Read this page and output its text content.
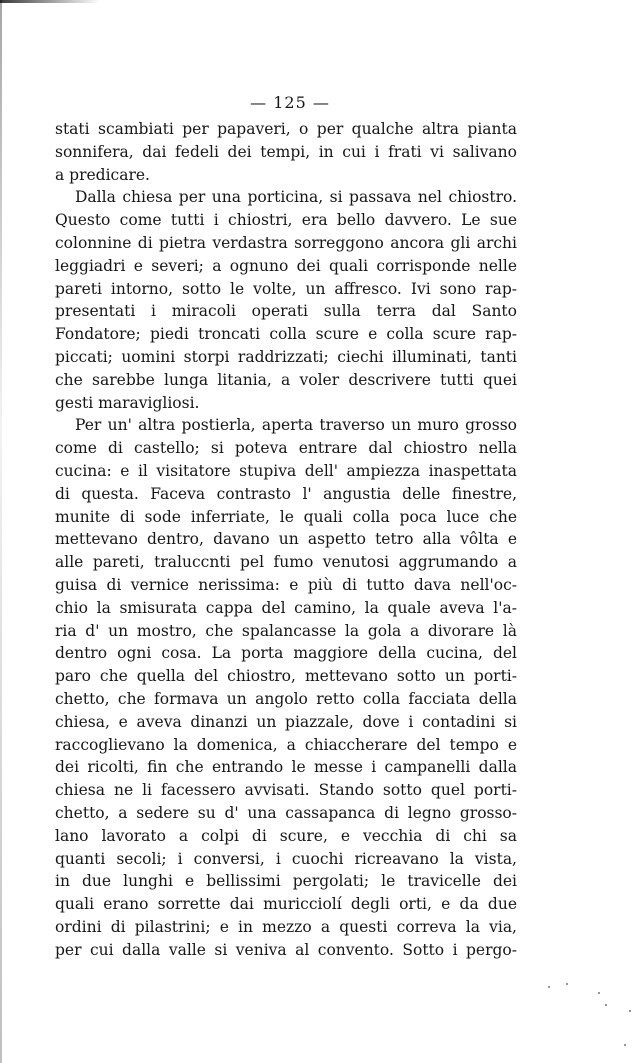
— 125 —
stati scambiati per papaveri, o per qualche altra pianta
sonnifera, dai fedeli dei tempi, in cui i frati vi salivano
a predicare.
Dalla chiesa per una porticina, si passava nel chiostro.
Questo come tutti i chiostri, era bello davvero. Le sue
colonnine di pietra verdastra sorreggono ancora gli archi
leggiadri e severi; a ognuno dei quali corrisponde nelle
pareti intorno, sotto le volte, un affresco. Ivi sono rap-
presentati i miracoli operati sulla terra dal Santo
Fondatore; piedi troncati colla scure e colla scure rap-
piccati; uomini storpi raddrizzati; ciechi illuminati, tanti
che sarebbe lunga litania, a voler descrivere tutti quei
gesti maravigliosi.
Per un' altra postierla, aperta traverso un muro grosso
come di castello; si poteva entrare dal chiostro nella
cucina: e il visitatore stupiva dell' ampiezza inaspettata
di questa. Faceva contrasto l' angustia delle finestre,
munite di sode inferriate, le quali colla poca luce che
mettevano dentro, davano un aspetto tetro alla vôlta e
alle pareti, traluccnti pel fumo venutosi aggrumando a
guisa di vernice nerissima: e più di tutto dava nell'oc-
chio la smisurata cappa del camino, la quale aveva l'a-
ria d' un mostro, che spalancasse la gola a divorare là
dentro ogni cosa. La porta maggiore della cucina, del
paro che quella del chiostro, mettevano sotto un porti-
chetto, che formava un angolo retto colla facciata della
chiesa, e aveva dinanzi un piazzale, dove i contadini si
raccoglievano la domenica, a chiaccherare del tempo e
dei ricolti, fin che entrando le messe i campanelli dalla
chiesa ne li facessero avvisati. Stando sotto quel porti-
chetto, a sedere su d' una cassapanca di legno grosso-
lano lavorato a colpi di scure, e vecchia di chi sa
quanti secoli; i conversi, i cuochi ricreavano la vista,
in due lunghi e bellissimi pergolati; le travicelle dei
quali erano sorrette dai muricciolí degli orti, e da due
ordini di pilastrini; e in mezzo a questi correva la via,
per cui dalla valle si veniva al convento. Sotto i pergo-
